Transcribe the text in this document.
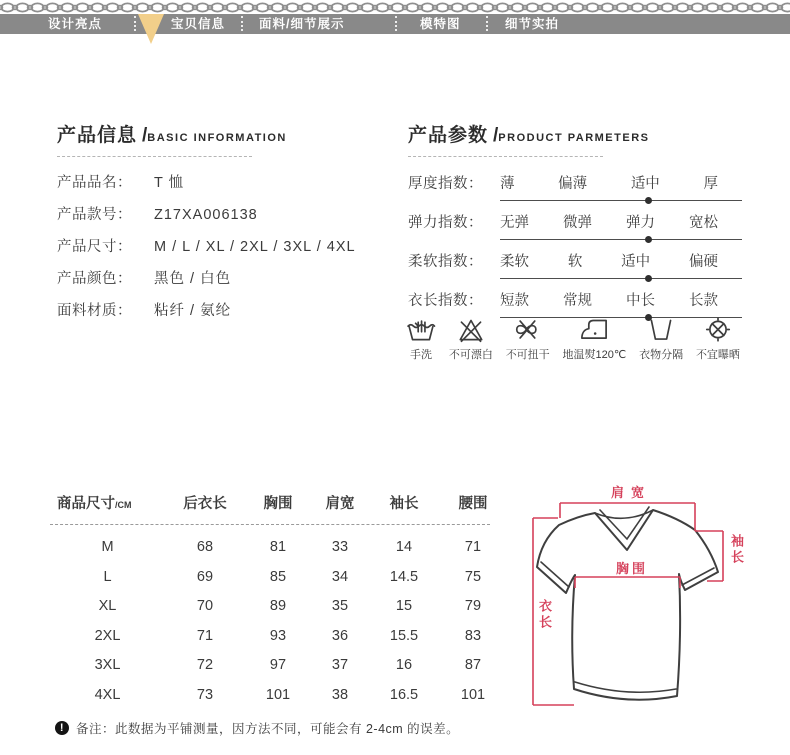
设计亮点	宝贝信息	面料/细节展示	模特图	细节实拍
产品信息 / BASIC INFORMATION
产品品名：	T 恤
产品款号：	Z17XA006138
产品尺寸：	M / L / XL / 2XL / 3XL / 4XL
产品颜色：	黑色 / 白色
面料材质：	粘纤 / 氨纶
产品参数 / PRODUCT PARMETERS
厚度指数：	薄	偏薄	适中	厚
弹力指数：	无弹 微弹 弹力 宽松
柔软指数：	柔软	软	适中	偏硬
衣长指数：	短款 常规 中长 长款
手洗 不可漂白 不可扭干 地温熨120℃ 衣物分隔 不宜曝晒
商品尺寸/CM	后衣长	胸围	肩宽	袖长	腰围
M	68	81	33	14	71
L	69	85	34	14.5	75
XL	70	89	35	15	79
2XL	71	93	36	15.5	83
3XL	72	97	37	16	87
4XL	73	101	38	16.5	101
肩宽
胸围
袖长
衣长
! 备注：此数据为平铺测量，因方法不同，可能会有 2-4cm 的误差。
